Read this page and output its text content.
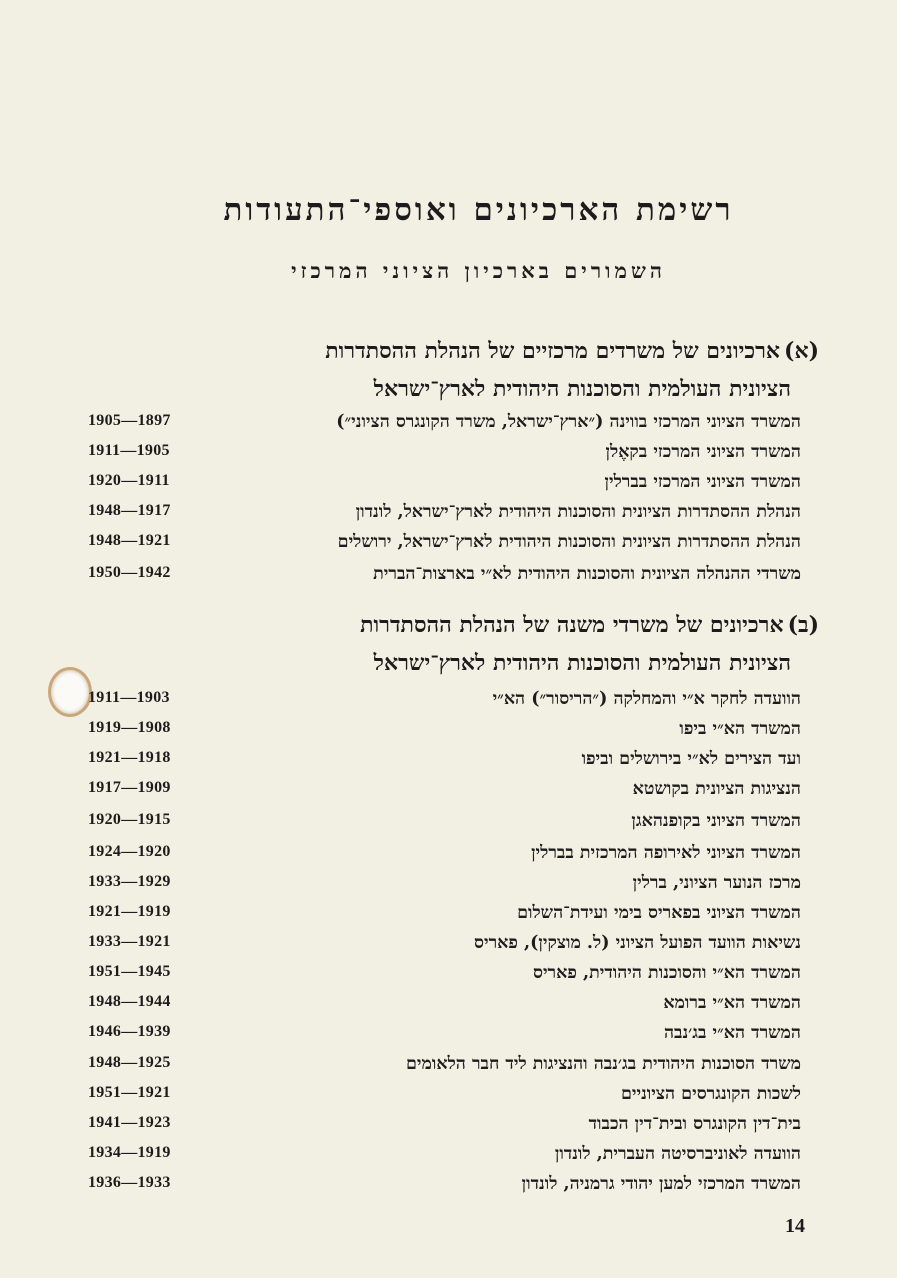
רשימת הארכיונים ואוספי־התעודות
השמורים בארכיון הציוני המרכזי
(א)ארכיונים של משרדים מרכזיים של הנהלת ההסתדרות
הציונית העולמית והסוכנות היהודית לארץ־ישראל
המשרד הציוני המרכזי בווינה (״ארץ־ישראל, משרד הקונגרס הציוני״)
1905—1897
המשרד הציוני המרכזי בקאֶלן
1911—1905
המשרד הציוני המרכזי בברלין
1920—1911
הנהלת ההסתדרות הציונית והסוכנות היהודית לארץ־ישראל, לונדון
1948—1917
הנהלת ההסתדרות הציונית והסוכנות היהודית לארץ־ישראל, ירושלים
1948—1921
משרדי ההנהלה הציונית והסוכנות היהודית לא״י בארצות־הברית
1950—1942
(ב)ארכיונים של משרדי משנה של הנהלת ההסתדרות
הציונית העולמית והסוכנות היהודית לארץ־ישראל
הוועדה לחקר א״י והמחלקה (״הריסור״) הא״י
1911—1903
המשרד הא״י ביפו
1919—1908
ועד הצירים לא״י בירושלים וביפו
1921—1918
הנציגות הציונית בקושטא
1917—1909
המשרד הציוני בקופנהאגן
1920—1915
המשרד הציוני לאירופה המרכזית בברלין
1924—1920
מרכז הנוער הציוני, ברלין
1933—1929
המשרד הציוני בפאריס בימי ועידת־השלום
1921—1919
נשיאות הוועד הפועל הציוני (ל. מוצקין), פאריס
1933—1921
המשרד הא״י והסוכנות היהודית, פאריס
1951—1945
המשרד הא״י ברומא
1948—1944
המשרד הא״י בג׳נבה
1946—1939
משרד הסוכנות היהודית בג׳נבה והנציגות ליד חבר הלאומים
1948—1925
לשכות הקונגרסים הציוניים
1951—1921
בית־דין הקונגרס ובית־דין הכבוד
1941—1923
הוועדה לאוניברסיטה העברית, לונדון
1934—1919
המשרד המרכזי למען יהודי גרמניה, לונדון
1936—1933
14
